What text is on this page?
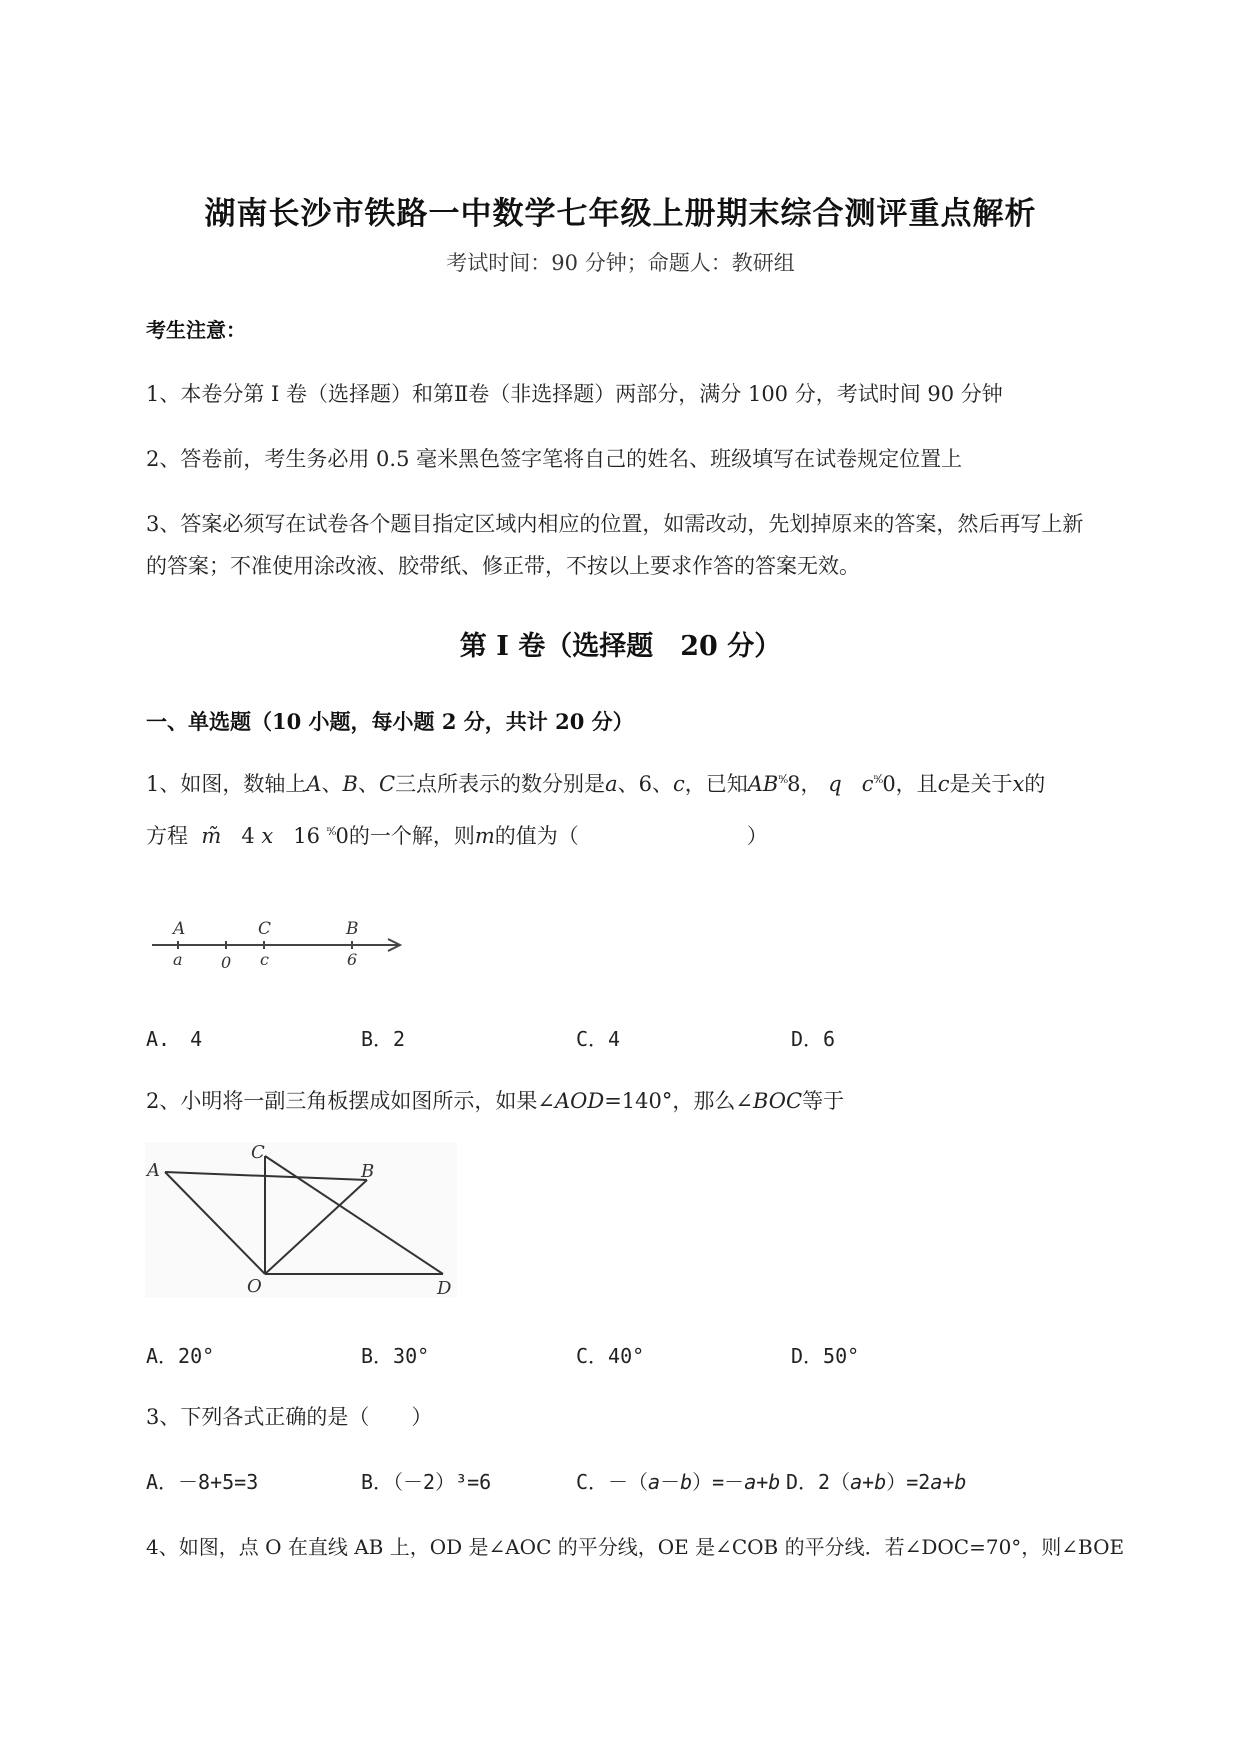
湖南长沙市铁路一中数学七年级上册期末综合测评重点解析
考试时间：90 分钟；命题人：教研组
考生注意：
1、本卷分第 I 卷（选择题）和第Ⅱ卷（非选择题）两部分，满分 100 分，考试时间 90 分钟
2、答卷前，考生务必用 0.5 毫米黑色签字笔将自己的姓名、班级填写在试卷规定位置上
3、答案必须写在试卷各个题目指定区域内相应的位置，如需改动，先划掉原来的答案，然后再写上新
的答案；不准使用涂改液、胶带纸、修正带，不按以上要求作答的答案无效。
第 I 卷（选择题　20 分）
一、单选题（10 小题，每小题 2 分，共计 20 分）
1、如图，数轴上A、B、C三点所表示的数分别是a、6、c，已知$AB^{^n⁄_o}8$， q $c^{^n⁄_o}0$，且c是关于x的
方程 m̃ 4 x 16 $^{^n⁄_o}$0的一个解，则m的值为（　　　　　　　　）
A	C	B
a 0 c	6
A.　4	B．2	C．4	D．6
2、小明将一副三角板摆成如图所示，如果∠AOD=140°，那么∠BOC等于
A
C
B
O	D
A．20°	B．30°	C．40°	D．50°
3、下列各式正确的是（　　）
A．－8+5=3	B．（－2）³=6	C．－（a－b）=－a+b D．2（a+b）=2a+b
4、如图，点 O 在直线 AB 上，OD 是∠AOC 的平分线，OE 是∠COB 的平分线．若∠DOC=70°，则∠BOE
